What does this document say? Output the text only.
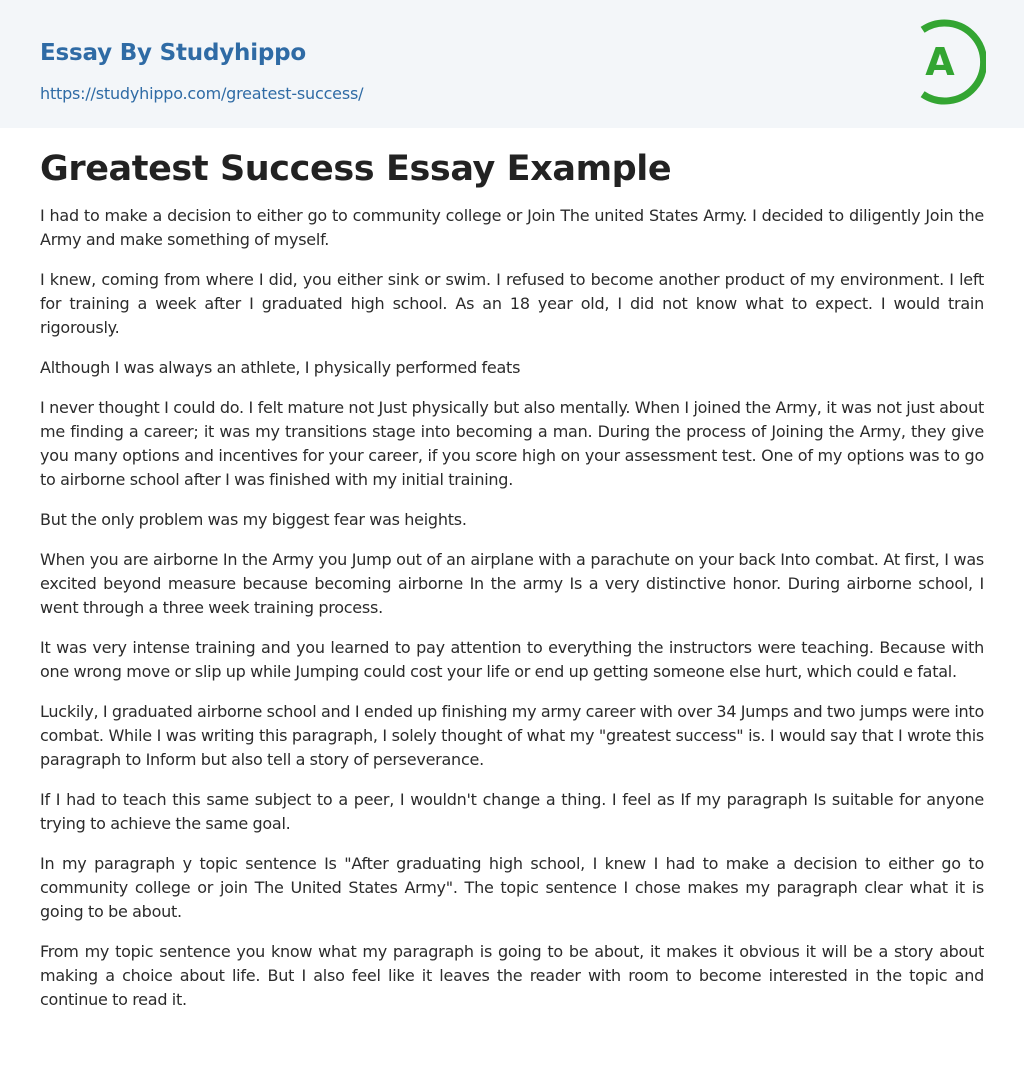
Essay By Studyhippo
https://studyhippo.com/greatest-success/
A
Greatest Success Essay Example

I had to make a decision to either go to community college or Join The united States Army. I decided to diligently Join the Army and make something of myself.

I knew, coming from where I did, you either sink or swim. I refused to become another product of my environment. I left for training a week after I graduated high school. As an 18 year old, I did not know what to expect. I would train rigorously.

Although I was always an athlete, I physically performed feats

I never thought I could do. I felt mature not Just physically but also mentally. When I joined the Army, it was not just about me finding a career; it was my transitions stage into becoming a man. During the process of Joining the Army, they give you many options and incentives for your career, if you score high on your assessment test. One of my options was to go to airborne school after I was finished with my initial training.

But the only problem was my biggest fear was heights.

When you are airborne In the Army you Jump out of an airplane with a parachute on your back Into combat. At first, I was excited beyond measure because becoming airborne In the army Is a very distinctive honor. During airborne school, I went through a three week training process.

It was very intense training and you learned to pay attention to everything the instructors were teaching. Because with one wrong move or slip up while Jumping could cost your life or end up getting someone else hurt, which could e fatal.

Luckily, I graduated airborne school and I ended up finishing my army career with over 34 Jumps and two jumps were into combat. While I was writing this paragraph, I solely thought of what my "greatest success" is. I would say that I wrote this paragraph to Inform but also tell a story of perseverance.

If I had to teach this same subject to a peer, I wouldn't change a thing. I feel as If my paragraph Is suitable for anyone trying to achieve the same goal.

In my paragraph y topic sentence Is "After graduating high school, I knew I had to make a decision to either go to community college or join The United States Army". The topic sentence I chose makes my paragraph clear what it is going to be about.

From my topic sentence you know what my paragraph is going to be about, it makes it obvious it will be a story about making a choice about life. But I also feel like it leaves the reader with room to become interested in the topic and continue to read it.
